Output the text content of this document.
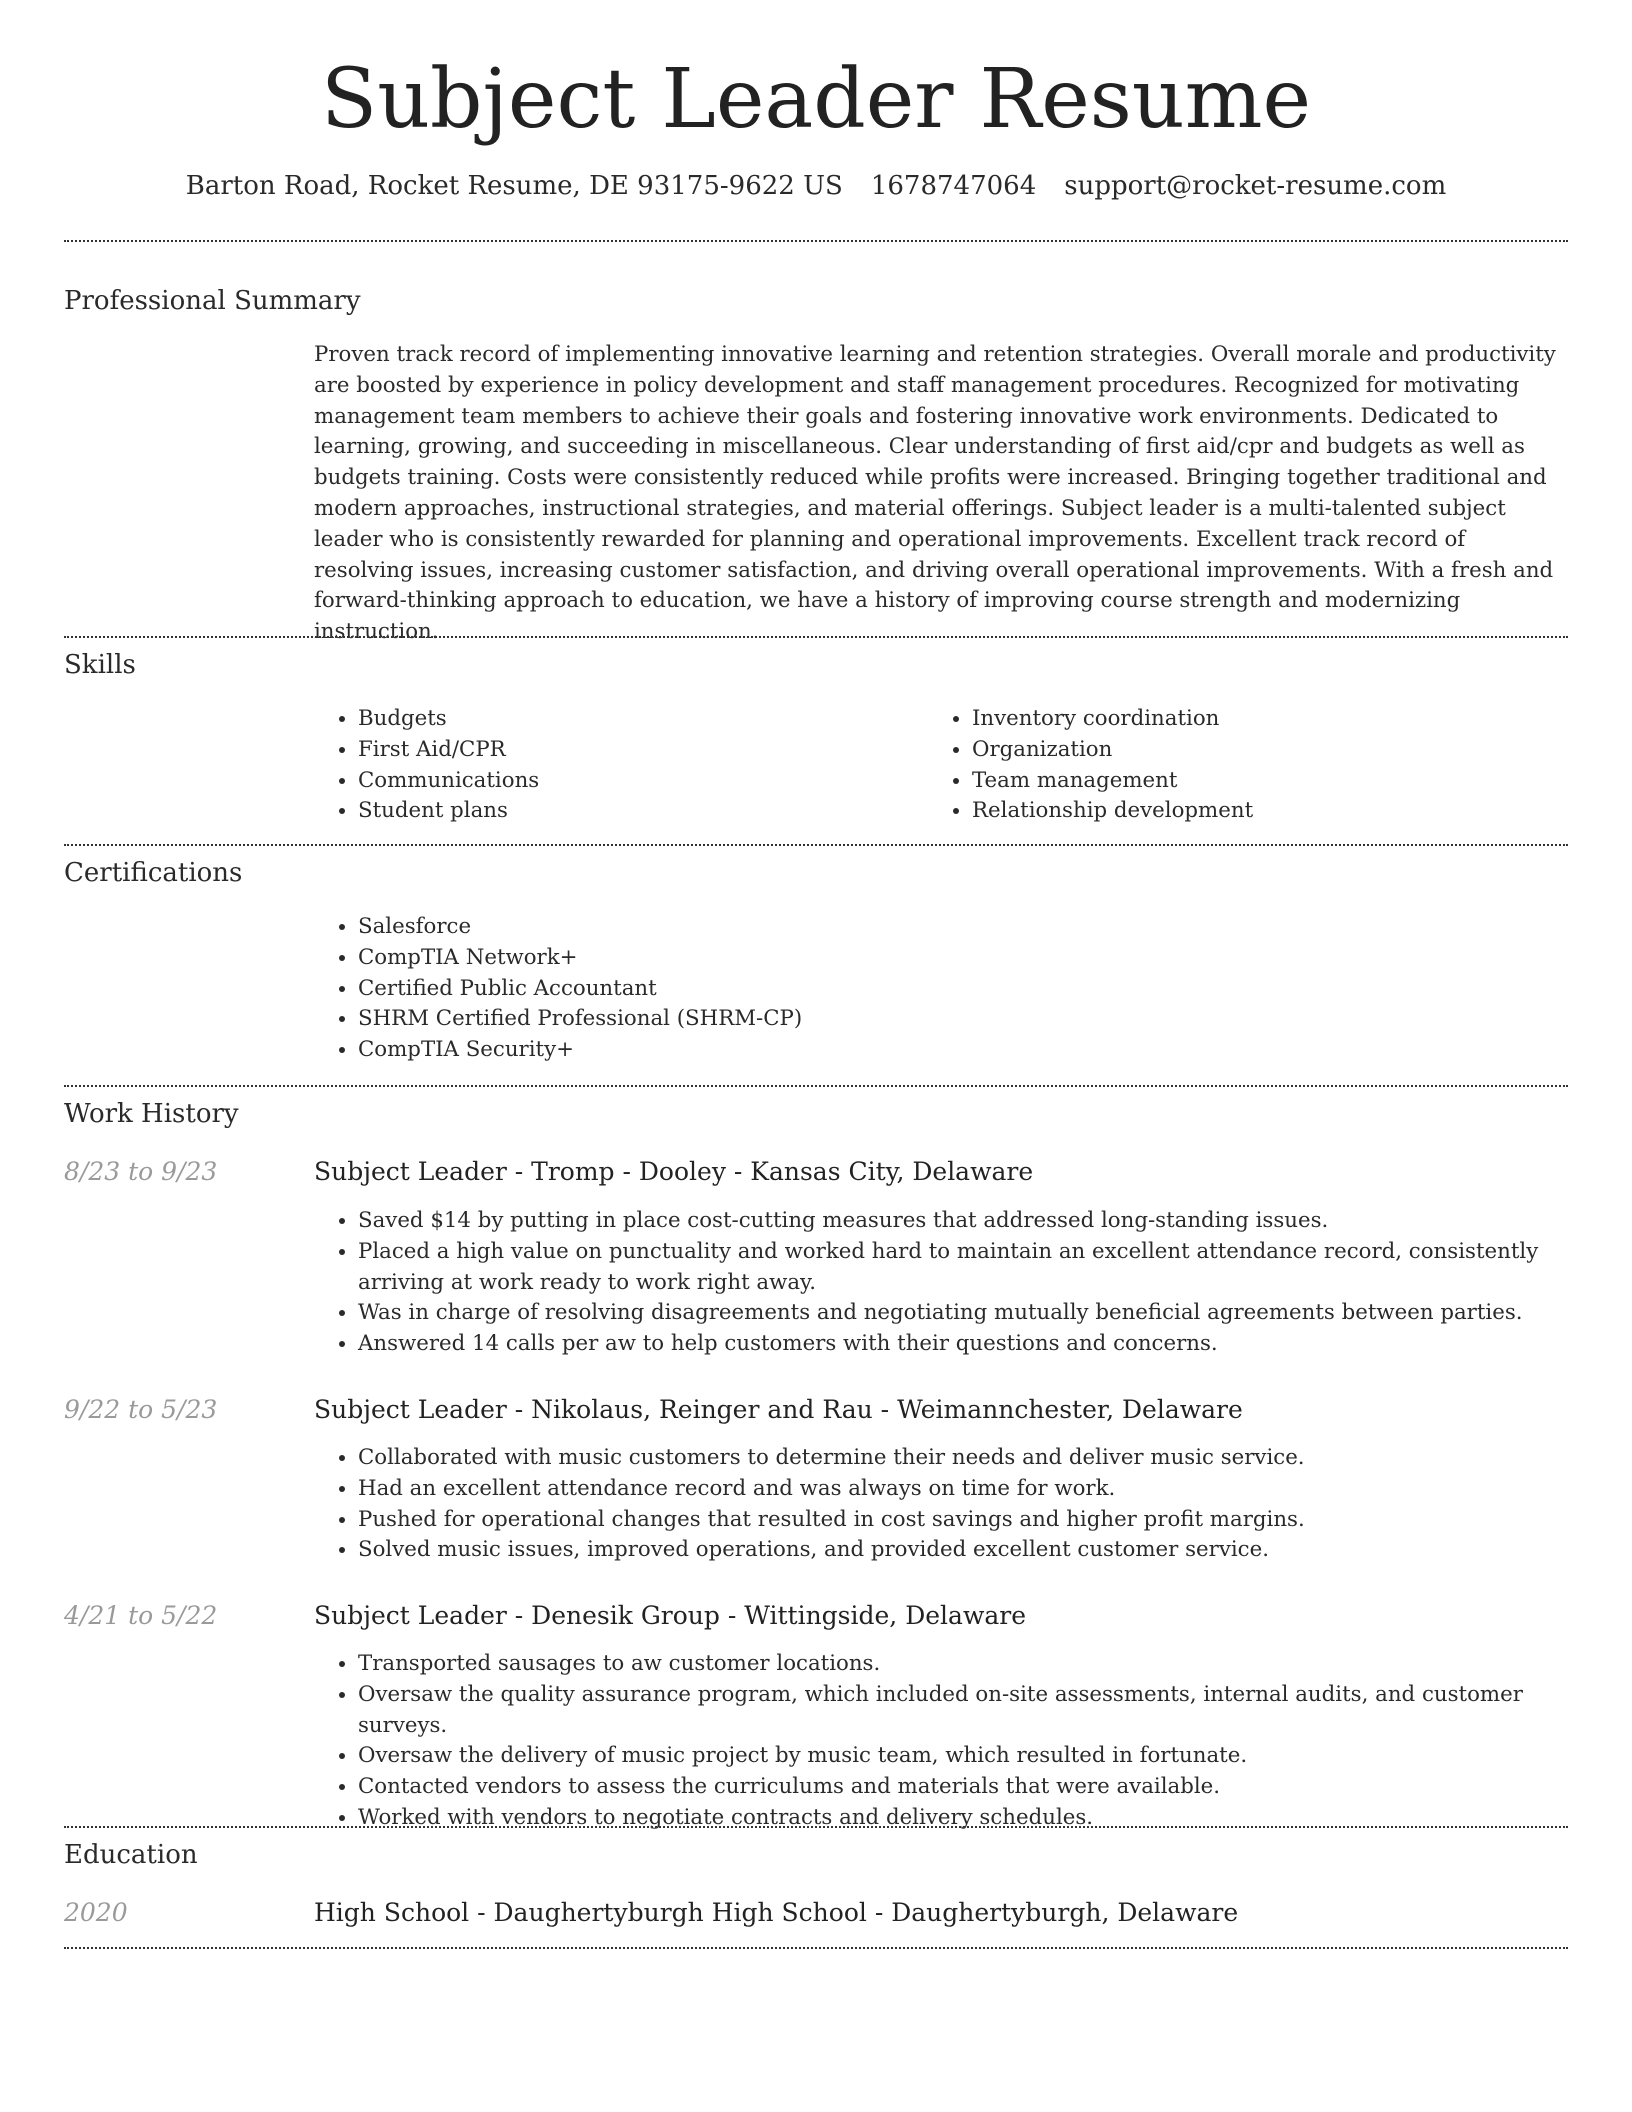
Subject Leader Resume
Barton Road, Rocket Resume, DE 93175-9622 US 1678747064 support@rocket-resume.com
Professional Summary

Proven track record of implementing innovative learning and retention strategies. Overall morale and productivity are boosted by experience in policy development and staff management procedures. Recognized for motivating management team members to achieve their goals and fostering innovative work environments. Dedicated to learning, growing, and succeeding in miscellaneous. Clear understanding of first aid/cpr and budgets as well as budgets training. Costs were consistently reduced while profits were increased. Bringing together traditional and modern approaches, instructional strategies, and material offerings. Subject leader is a multi-talented subject leader who is consistently rewarded for planning and operational improvements. Excellent track record of resolving issues, increasing customer satisfaction, and driving overall operational improvements. With a fresh and forward-thinking approach to education, we have a history of improving course strength and modernizing instruction.

Skills
• Budgets
• First Aid/CPR
• Communications
• Student plans
• Inventory coordination
• Organization
• Team management
• Relationship development
Certifications
• Salesforce
• CompTIA Network+
• Certified Public Accountant
• SHRM Certified Professional (SHRM-CP)
• CompTIA Security+
Work History
8/23 to 9/23	Subject Leader - Tromp - Dooley - Kansas City, Delaware
• Saved $14 by putting in place cost-cutting measures that addressed long-standing issues.
• Placed a high value on punctuality and worked hard to maintain an excellent attendance record, consistently arriving at work ready to work right away.
• Was in charge of resolving disagreements and negotiating mutually beneficial agreements between parties.
• Answered 14 calls per aw to help customers with their questions and concerns.
9/22 to 5/23	Subject Leader - Nikolaus, Reinger and Rau - Weimannchester, Delaware
• Collaborated with music customers to determine their needs and deliver music service.
• Had an excellent attendance record and was always on time for work.
• Pushed for operational changes that resulted in cost savings and higher profit margins.
• Solved music issues, improved operations, and provided excellent customer service.
4/21 to 5/22	Subject Leader - Denesik Group - Wittingside, Delaware
• Transported sausages to aw customer locations.
• Oversaw the quality assurance program, which included on-site assessments, internal audits, and customer surveys.
• Oversaw the delivery of music project by music team, which resulted in fortunate.
• Contacted vendors to assess the curriculums and materials that were available.
• Worked with vendors to negotiate contracts and delivery schedules.
Education
2020	High School - Daughertyburgh High School - Daughertyburgh, Delaware
